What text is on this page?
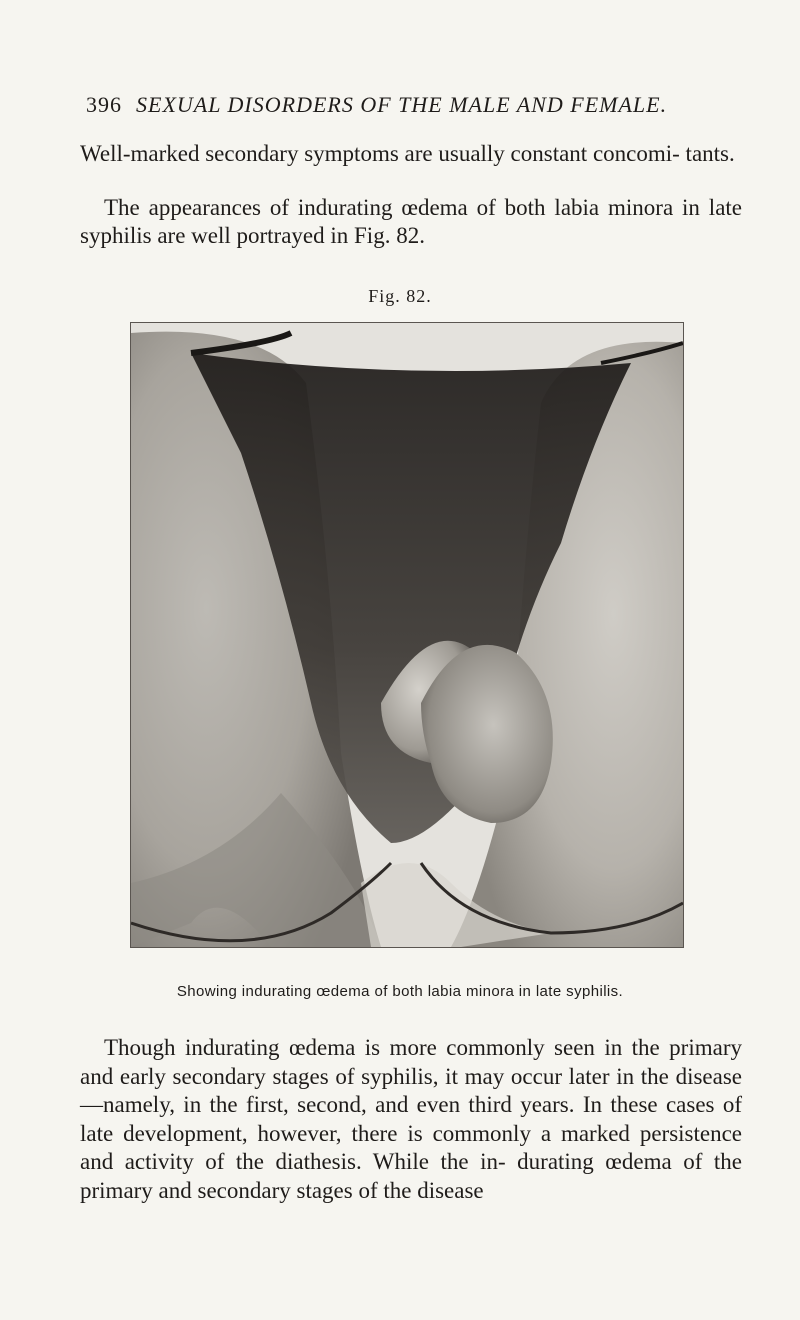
396 SEXUAL DISORDERS OF THE MALE AND FEMALE.

Well-marked secondary symptoms are usually constant concomi- tants.

The appearances of indurating œdema of both labia minora in late syphilis are well portrayed in Fig. 82.

Fig. 82.
Showing indurating œdema of both labia minora in late syphilis.

Though indurating œdema is more commonly seen in the primary and early secondary stages of syphilis, it may occur later in the disease—namely, in the first, second, and even third years. In these cases of late development, however, there is commonly a marked persistence and activity of the diathesis. While the in- durating œdema of the primary and secondary stages of the disease
